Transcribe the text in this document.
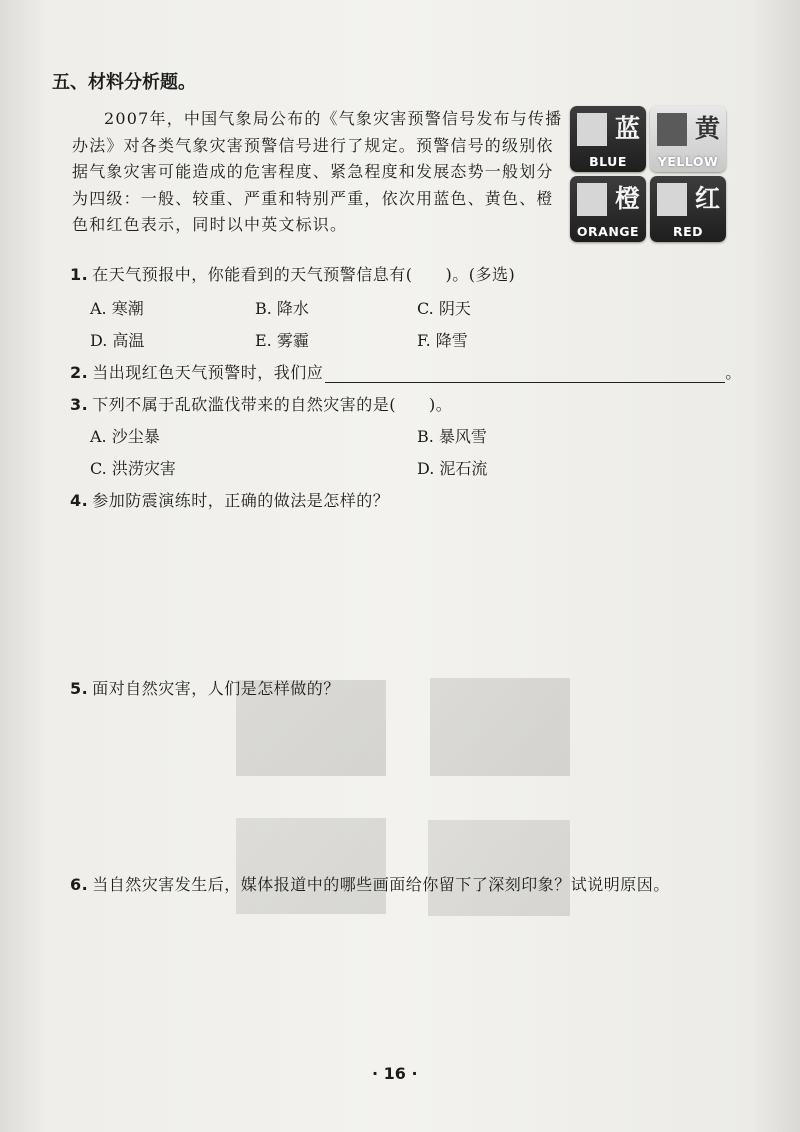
五、材料分析题。

2007年，中国气象局公布的《气象灾害预警信号发布与传播办法》对各类气象灾害预警信号进行了规定。预警信号的级别依据气象灾害可能造成的危害程度、紧急程度和发展态势一般划分为四级：一般、较重、严重和特别严重，依次用蓝色、黄色、橙色和红色表示，同时以中英文标识。

蓝
BLUE
黄
YELLOW
橙
ORANGE
红
RED
1. 在天气预报中，你能看到的天气预警信息有(　　)。(多选)
A. 寒潮	B. 降水	C. 阴天
D. 高温	E. 雾霾	F. 降雪
2. 当出现红色天气预警时，我们应	。
3. 下列不属于乱砍滥伐带来的自然灾害的是(　　)。
A. 沙尘暴	B. 暴风雪
C. 洪涝灾害	D. 泥石流
4. 参加防震演练时，正确的做法是怎样的？
5. 面对自然灾害，人们是怎样做的？
6. 当自然灾害发生后，媒体报道中的哪些画面给你留下了深刻印象？试说明原因。
· 16 ·
